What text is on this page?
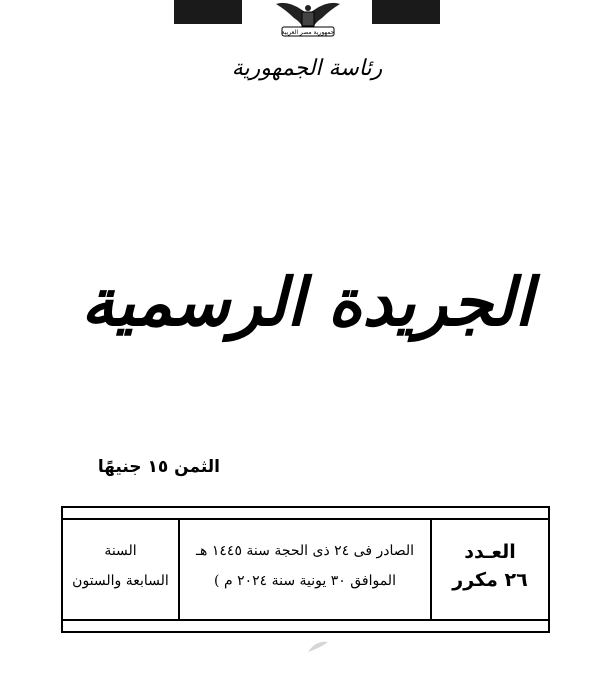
جمهورية مصر العربية
رئاسة الجمهورية
الجريدة الرسمية
الثمن ١٥ جنيهًا
العـدد
٢٦ مكرر
الصادر فى ٢٤ ذى الحجة سنة ١٤٤٥ هـ
الموافق ٣٠ يونية سنة ٢٠٢٤ م )
السنة
السابعة والستون
